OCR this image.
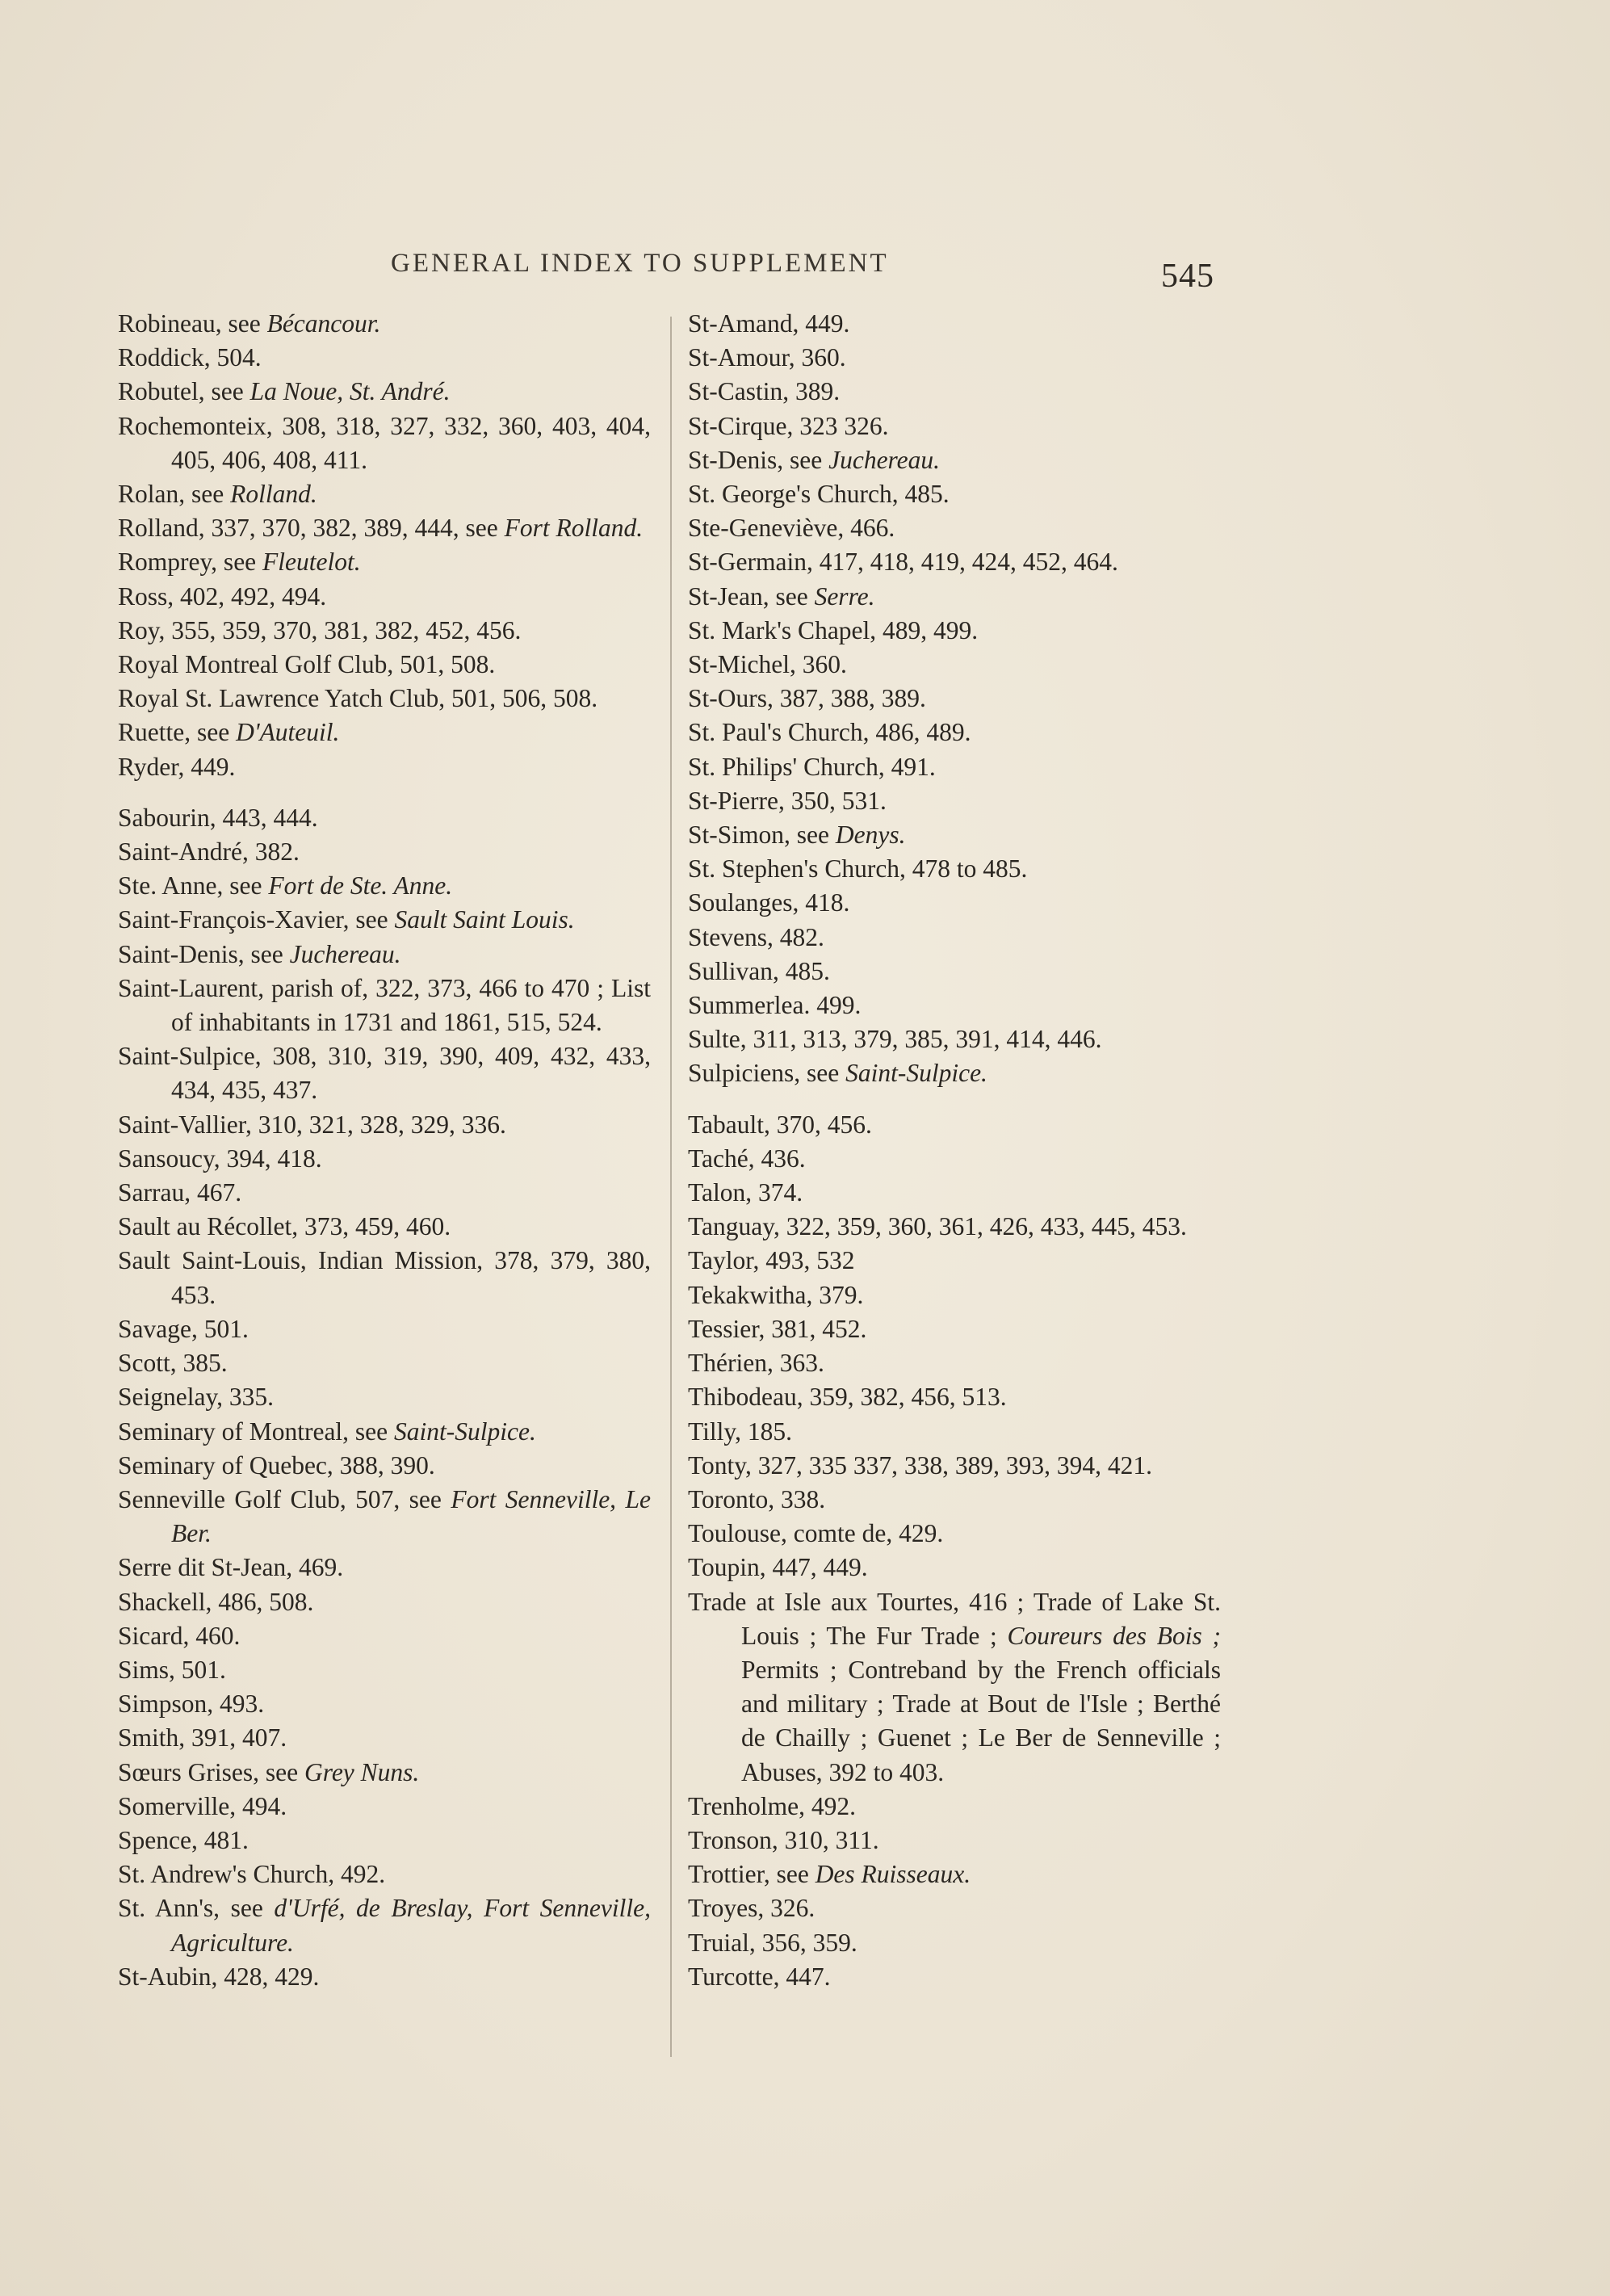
GENERAL INDEX TO SUPPLEMENT	545
Robineau, see Bécancour.
Roddick, 504.
Robutel, see La Noue, St. André.
Rochemonteix, 308, 318, 327, 332, 360, 403, 404, 405, 406, 408, 411.
Rolan, see Rolland.
Rolland, 337, 370, 382, 389, 444, see Fort Rolland.
Romprey, see Fleutelot.
Ross, 402, 492, 494.
Roy, 355, 359, 370, 381, 382, 452, 456.
Royal Montreal Golf Club, 501, 508.
Royal St. Lawrence Yatch Club, 501, 506, 508.
Ruette, see D'Auteuil.
Ryder, 449.
Sabourin, 443, 444.
Saint-André, 382.
Ste. Anne, see Fort de Ste. Anne.
Saint-François-Xavier, see Sault Saint Louis.
Saint-Denis, see Juchereau.
Saint-Laurent, parish of, 322, 373, 466 to 470 ; List of inhabitants in 1731 and 1861, 515, 524.
Saint-Sulpice, 308, 310, 319, 390, 409, 432, 433, 434, 435, 437.
Saint-Vallier, 310, 321, 328, 329, 336.
Sansoucy, 394, 418.
Sarrau, 467.
Sault au Récollet, 373, 459, 460.
Sault Saint-Louis, Indian Mission, 378, 379, 380, 453.
Savage, 501.
Scott, 385.
Seignelay, 335.
Seminary of Montreal, see Saint-Sulpice.
Seminary of Quebec, 388, 390.
Senneville Golf Club, 507, see Fort Senneville, Le Ber.
Serre dit St-Jean, 469.
Shackell, 486, 508.
Sicard, 460.
Sims, 501.
Simpson, 493.
Smith, 391, 407.
Sœurs Grises, see Grey Nuns.
Somerville, 494.
Spence, 481.
St. Andrew's Church, 492.
St. Ann's, see d'Urfé, de Breslay, Fort Senneville, Agriculture.
St-Aubin, 428, 429.
St-Amand, 449.
St-Amour, 360.
St-Castin, 389.
St-Cirque, 323 326.
St-Denis, see Juchereau.
St. George's Church, 485.
Ste-Geneviève, 466.
St-Germain, 417, 418, 419, 424, 452, 464.
St-Jean, see Serre.
St. Mark's Chapel, 489, 499.
St-Michel, 360.
St-Ours, 387, 388, 389.
St. Paul's Church, 486, 489.
St. Philips' Church, 491.
St-Pierre, 350, 531.
St-Simon, see Denys.
St. Stephen's Church, 478 to 485.
Soulanges, 418.
Stevens, 482.
Sullivan, 485.
Summerlea. 499.
Sulte, 311, 313, 379, 385, 391, 414, 446.
Sulpiciens, see Saint-Sulpice.
Tabault, 370, 456.
Taché, 436.
Talon, 374.
Tanguay, 322, 359, 360, 361, 426, 433, 445, 453.
Taylor, 493, 532
Tekakwitha, 379.
Tessier, 381, 452.
Thérien, 363.
Thibodeau, 359, 382, 456, 513.
Tilly, 185.
Tonty, 327, 335 337, 338, 389, 393, 394, 421.
Toronto, 338.
Toulouse, comte de, 429.
Toupin, 447, 449.
Trade at Isle aux Tourtes, 416 ; Trade of Lake St. Louis ; The Fur Trade ; Coureurs des Bois ; Permits ; Contreband by the French officials and military ; Trade at Bout de l'Isle ; Berthé de Chailly ; Guenet ; Le Ber de Senneville ; Abuses, 392 to 403.
Trenholme, 492.
Tronson, 310, 311.
Trottier, see Des Ruisseaux.
Troyes, 326.
Truial, 356, 359.
Turcotte, 447.
